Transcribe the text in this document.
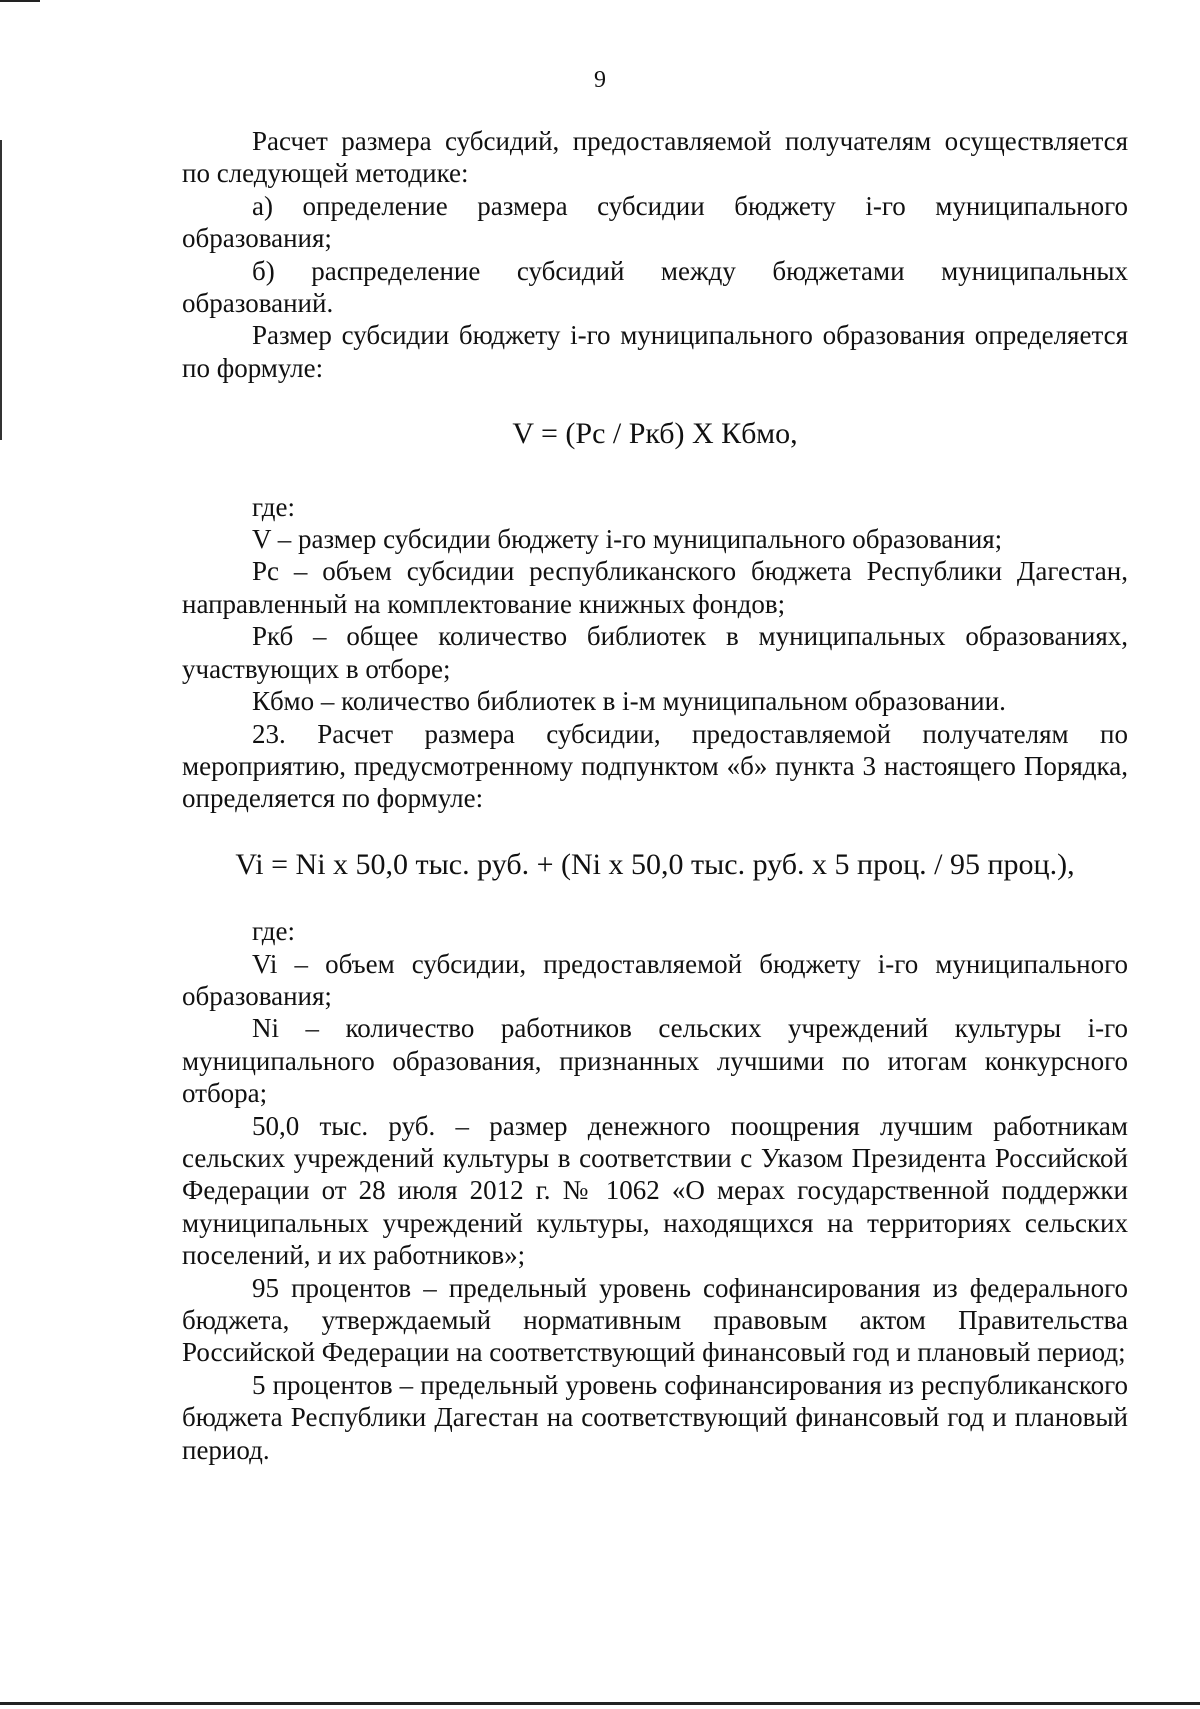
9

Расчет размера субсидий, предоставляемой получателям осуществляется по следующей методике:

а) определение размера субсидии бюджету i-го муниципального образования;

б) распределение субсидий между бюджетами муниципальных образований.

Размер субсидии бюджету i-го муниципального образования определяется по формуле:

V = (Pc / Pкб) X Кбмо,

где:

V – размер субсидии бюджету i-го муниципального образования;

Pc – объем субсидии республиканского бюджета Республики Дагестан, направленный на комплектование книжных фондов;

Ркб – общее количество библиотек в муниципальных образованиях, участвующих в отборе;

Кбмо – количество библиотек в i-м муниципальном образовании.

23. Расчет размера субсидии, предоставляемой получателям по мероприятию, предусмотренному подпунктом «б» пункта 3 настоящего Порядка, определяется по формуле:

Vi = Ni x 50,0 тыс. руб. + (Ni x 50,0 тыс. руб. x 5 проц. / 95 проц.),

где:

Vi – объем субсидии, предоставляемой бюджету i-го муниципального образования;

Ni – количество работников сельских учреждений культуры i-го муниципального образования, признанных лучшими по итогам конкурсного отбора;

50,0 тыс. руб. – размер денежного поощрения лучшим работникам сельских учреждений культуры в соответствии с Указом Президента Российской Федерации от 28 июля 2012 г. № 1062 «О мерах государственной поддержки муниципальных учреждений культуры, находящихся на территориях сельских поселений, и их работников»;

95 процентов – предельный уровень софинансирования из федерального бюджета, утверждаемый нормативным правовым актом Правительства Российской Федерации на соответствующий финансовый год и плановый период;

5 процентов – предельный уровень софинансирования из республиканского бюджета Республики Дагестан на соответствующий финансовый год и плановый период.
